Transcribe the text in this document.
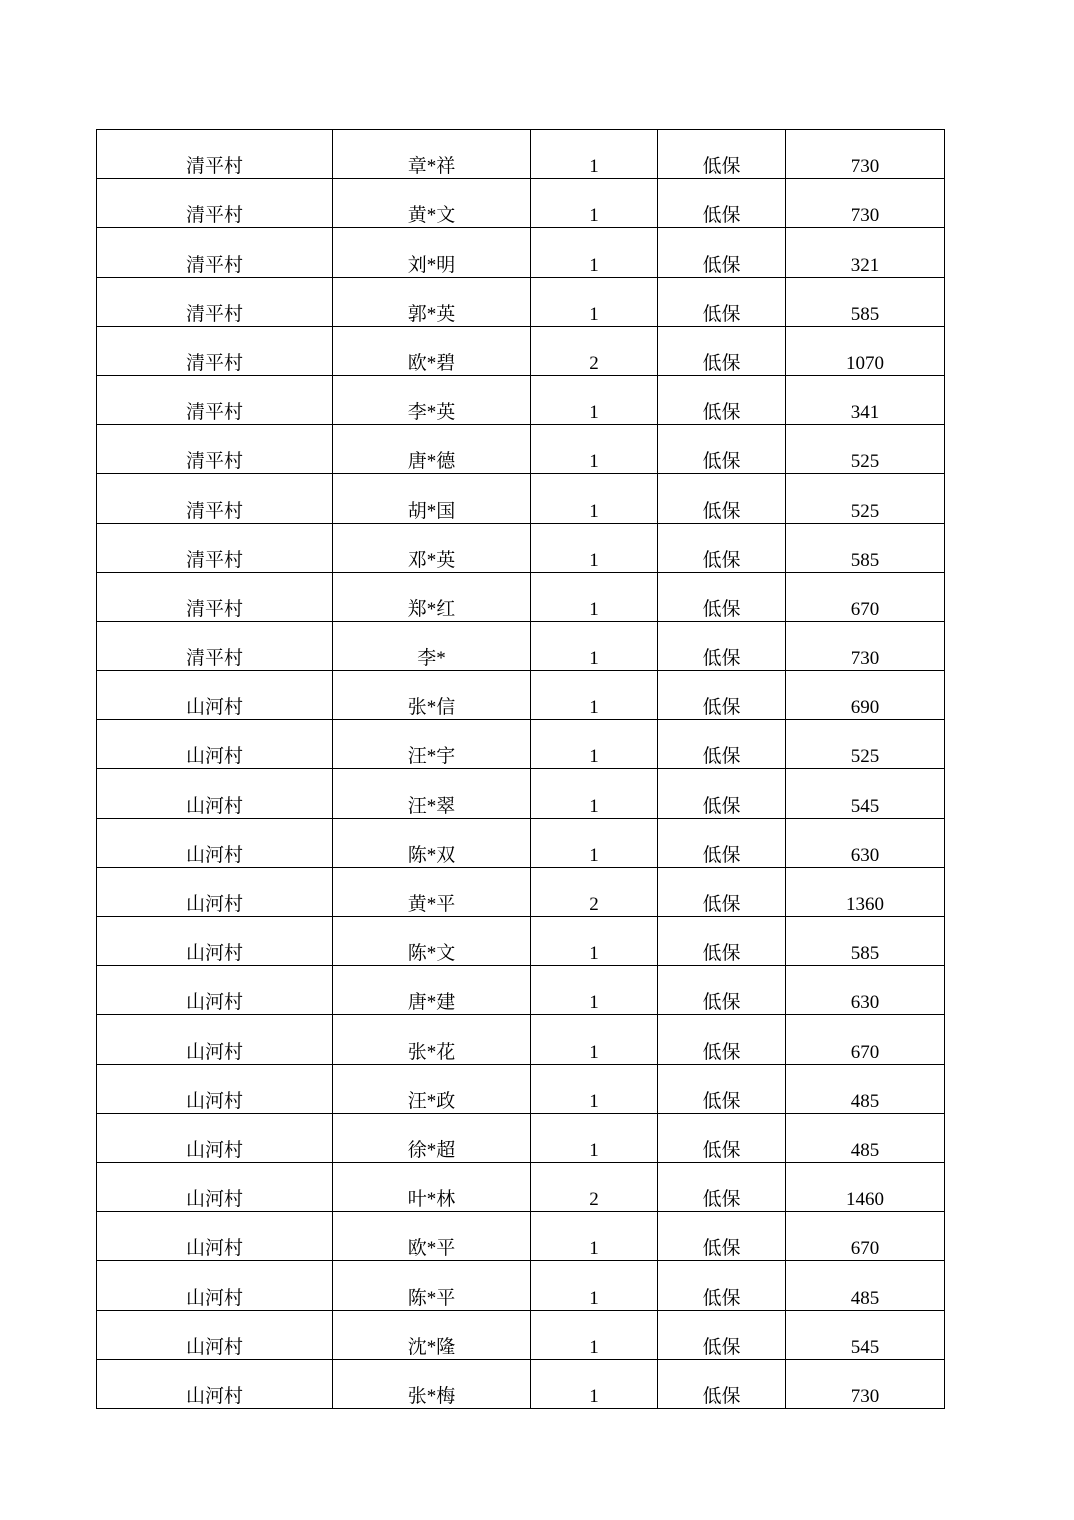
清平村	章*祥	1	低保	730
清平村	黄*文	1	低保	730
清平村	刘*明	1	低保	321
清平村	郭*英	1	低保	585
清平村	欧*碧	2	低保	1070
清平村	李*英	1	低保	341
清平村	唐*德	1	低保	525
清平村	胡*国	1	低保	525
清平村	邓*英	1	低保	585
清平村	郑*红	1	低保	670
清平村	李*	1	低保	730
山河村	张*信	1	低保	690
山河村	汪*宇	1	低保	525
山河村	汪*翠	1	低保	545
山河村	陈*双	1	低保	630
山河村	黄*平	2	低保	1360
山河村	陈*文	1	低保	585
山河村	唐*建	1	低保	630
山河村	张*花	1	低保	670
山河村	汪*政	1	低保	485
山河村	徐*超	1	低保	485
山河村	叶*林	2	低保	1460
山河村	欧*平	1	低保	670
山河村	陈*平	1	低保	485
山河村	沈*隆	1	低保	545
山河村	张*梅	1	低保	730
